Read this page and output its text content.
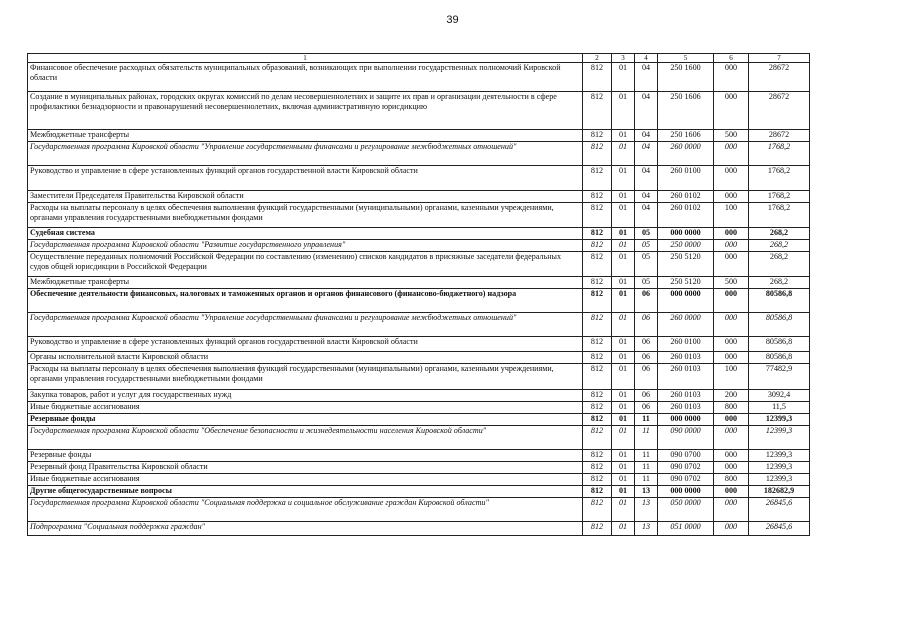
39
1	2	3	4	5	6	7
Финансовое обеспечение расходных обязательств муниципальных образований, возникающих при выполнении государственных полномочий Кировской области	812	01	04	250 1600	000	28672
Создание в муниципальных районах, городских округах комиссий по делам несовершеннолетних и защите их прав и организации деятельности в сфере профилактики безнадзорности и правонарушений несовершеннолетних, включая административную юрисдикцию	812	01	04	250 1606	000	28672
Межбюджетные трансферты	812	01	04	250 1606	500	28672
Государственная программа Кировской области "Управление государственными финансами и регулирование межбюджетных отношений"	812	01	04	260 0000	000	1768,2
Руководство и управление в сфере установленных функций органов государственной власти Кировской области	812	01	04	260 0100	000	1768,2
Заместители Председателя Правительства Кировской области	812	01	04	260 0102	000	1768,2
Расходы на выплаты персоналу в целях обеспечения выполнения функций государственными (муниципальными) органами, казенными учреждениями, органами управления государственными внебюджетными фондами	812	01	04	260 0102	100	1768,2
Судебная система	812	01	05	000 0000	000	268,2
Государственная программа Кировской области "Развитие государственного управления"	812	01	05	250 0000	000	268,2
Осуществление переданных полномочий Российской Федерации по составлению (изменению) списков кандидатов в присяжные заседатели федеральных судов общей юрисдикции в Российской Федерации	812	01	05	250 5120	000	268,2
Межбюджетные трансферты	812	01	05	250 5120	500	268,2
Обеспечение деятельности финансовых, налоговых и таможенных органов и органов финансового (финансово-бюджетного) надзора	812	01	06	000 0000	000	80586,8
Государственная программа Кировской области "Управление государственными финансами и регулирование межбюджетных отношений"	812	01	06	260 0000	000	80586,8
Руководство и управление в сфере установленных функций органов государственной власти Кировской области	812	01	06	260 0100	000	80586,8
Органы исполнительной власти Кировской области	812	01	06	260 0103	000	80586,8
Расходы на выплаты персоналу в целях обеспечения выполнения функций государственными (муниципальными) органами, казенными учреждениями, органами управления государственными внебюджетными фондами	812	01	06	260 0103	100	77482,9
Закупка товаров, работ и услуг для государственных нужд	812	01	06	260 0103	200	3092,4
Иные бюджетные ассигнования	812	01	06	260 0103	800	11,5
Резервные фонды	812	01	11	000 0000	000	12399,3
Государственная программа Кировской области "Обеспечение безопасности и жизнедеятельности населения Кировской области"	812	01	11	090 0000	000	12399,3
Резервные фонды	812	01	11	090 0700	000	12399,3
Резервный фонд Правительства Кировской области	812	01	11	090 0702	000	12399,3
Иные бюджетные ассигнования	812	01	11	090 0702	800	12399,3
Другие общегосударственные вопросы	812	01	13	000 0000	000	182682,9
Государственная программа Кировской области "Социальная поддержка и социальное обслуживание граждан Кировской области"	812	01	13	050 0000	000	26845,6
Подпрограмма "Социальная поддержка граждан"	812	01	13	051 0000	000	26845,6
